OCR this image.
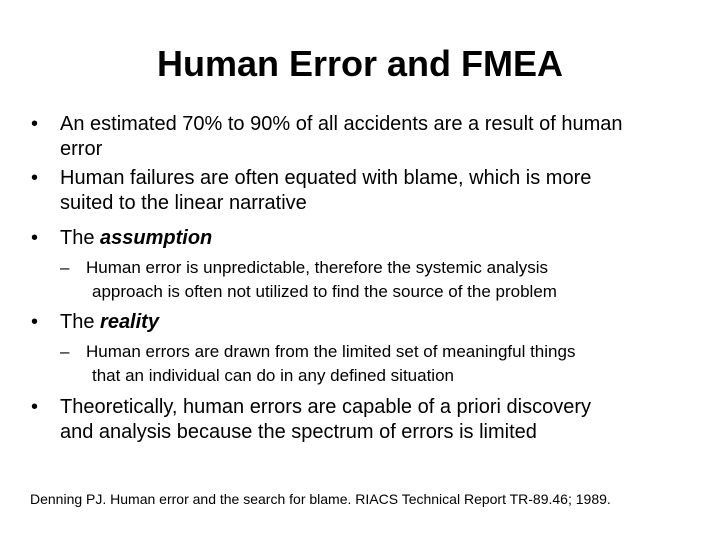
Human Error and FMEA
• An estimated 70% to 90% of all accidents are a result of human
error
• Human failures are often equated with blame, which is more
suited to the linear narrative
• The assumption
– Human error is unpredictable, therefore the systemic analysis
approach is often not utilized to find the source of the problem
• The reality
– Human errors are drawn from the limited set of meaningful things
that an individual can do in any defined situation
• Theoretically, human errors are capable of a priori discovery
and analysis because the spectrum of errors is limited
Denning PJ. Human error and the search for blame. RIACS Technical Report TR-89.46; 1989.
